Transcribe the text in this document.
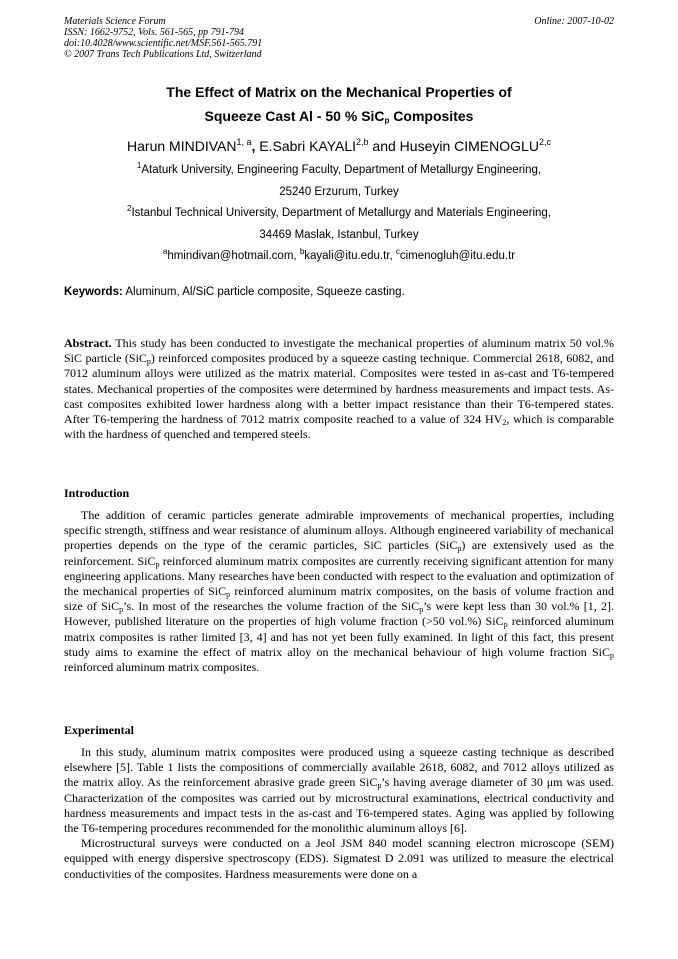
Materials Science Forum
ISSN: 1662-9752, Vols. 561-565, pp 791-794
doi:10.4028/www.scientific.net/MSF.561-565.791
© 2007 Trans Tech Publications Ltd, Switzerland
Online: 2007-10-02
The Effect of Matrix on the Mechanical Properties of
Squeeze Cast Al - 50 % SiC$_p$ Composites
Harun MINDIVAN$^{1, a}$, E.Sabri KAYALI$^{2,b}$ and Huseyin CIMENOGLU$^{2,c}$
$^1$Ataturk University, Engineering Faculty, Department of Metallurgy Engineering,
25240 Erzurum, Turkey
$^2$Istanbul Technical University, Department of Metallurgy and Materials Engineering,
34469 Maslak, Istanbul, Turkey
$^a$hmindivan@hotmail.com, $^b$kayali@itu.edu.tr, $^c$cimenogluh@itu.edu.tr
Keywords: Aluminum, Al/SiC particle composite, Squeeze casting.

Abstract. This study has been conducted to investigate the mechanical properties of aluminum matrix 50 vol.% SiC particle (SiC$_p$) reinforced composites produced by a squeeze casting technique. Commercial 2618, 6082, and 7012 aluminum alloys were utilized as the matrix material. Composites were tested in as-cast and T6-tempered states. Mechanical properties of the composites were determined by hardness measurements and impact tests. As-cast composites exhibited lower hardness along with a better impact resistance than their T6-tempered states. After T6-tempering the hardness of 7012 matrix composite reached to a value of 324 $HV_2$, which is comparable with the hardness of quenched and tempered steels.

Introduction

The addition of ceramic particles generate admirable improvements of mechanical properties, including specific strength, stiffness and wear resistance of aluminum alloys. Although engineered variability of mechanical properties depends on the type of the ceramic particles, SiC particles (SiC$_p$) are extensively used as the reinforcement. SiC$_p$ reinforced aluminum matrix composites are currently receiving significant attention for many engineering applications. Many researches have been conducted with respect to the evaluation and optimization of the mechanical properties of SiC$_p$ reinforced aluminum matrix composites, on the basis of volume fraction and size of SiC$_p$’s. In most of the researches the volume fraction of the SiC$_p$’s were kept less than 30 vol.% [1, 2]. However, published literature on the properties of high volume fraction (>50 vol.%) SiC$_p$ reinforced aluminum matrix composites is rather limited [3, 4] and has not yet been fully examined. In light of this fact, this present study aims to examine the effect of matrix alloy on the mechanical behaviour of high volume fraction SiC$_p$ reinforced aluminum matrix composites.

Experimental

In this study, aluminum matrix composites were produced using a squeeze casting technique as described elsewhere [5]. Table 1 lists the compositions of commercially available 2618, 6082, and 7012 alloys utilized as the matrix alloy. As the reinforcement abrasive grade green SiC$_p$’s having average diameter of 30 μm was used. Characterization of the composites was carried out by microstructural examinations, electrical conductivity and hardness measurements and impact tests in the as-cast and T6-tempered states. Aging was applied by following the T6-tempering procedures recommended for the monolithic aluminum alloys [6].

Microstructural surveys were conducted on a Jeol JSM 840 model scanning electron microscope (SEM) equipped with energy dispersive spectroscopy (EDS). Sigmatest D 2.091 was utilized to measure the electrical conductivities of the composites. Hardness measurements were done on a
